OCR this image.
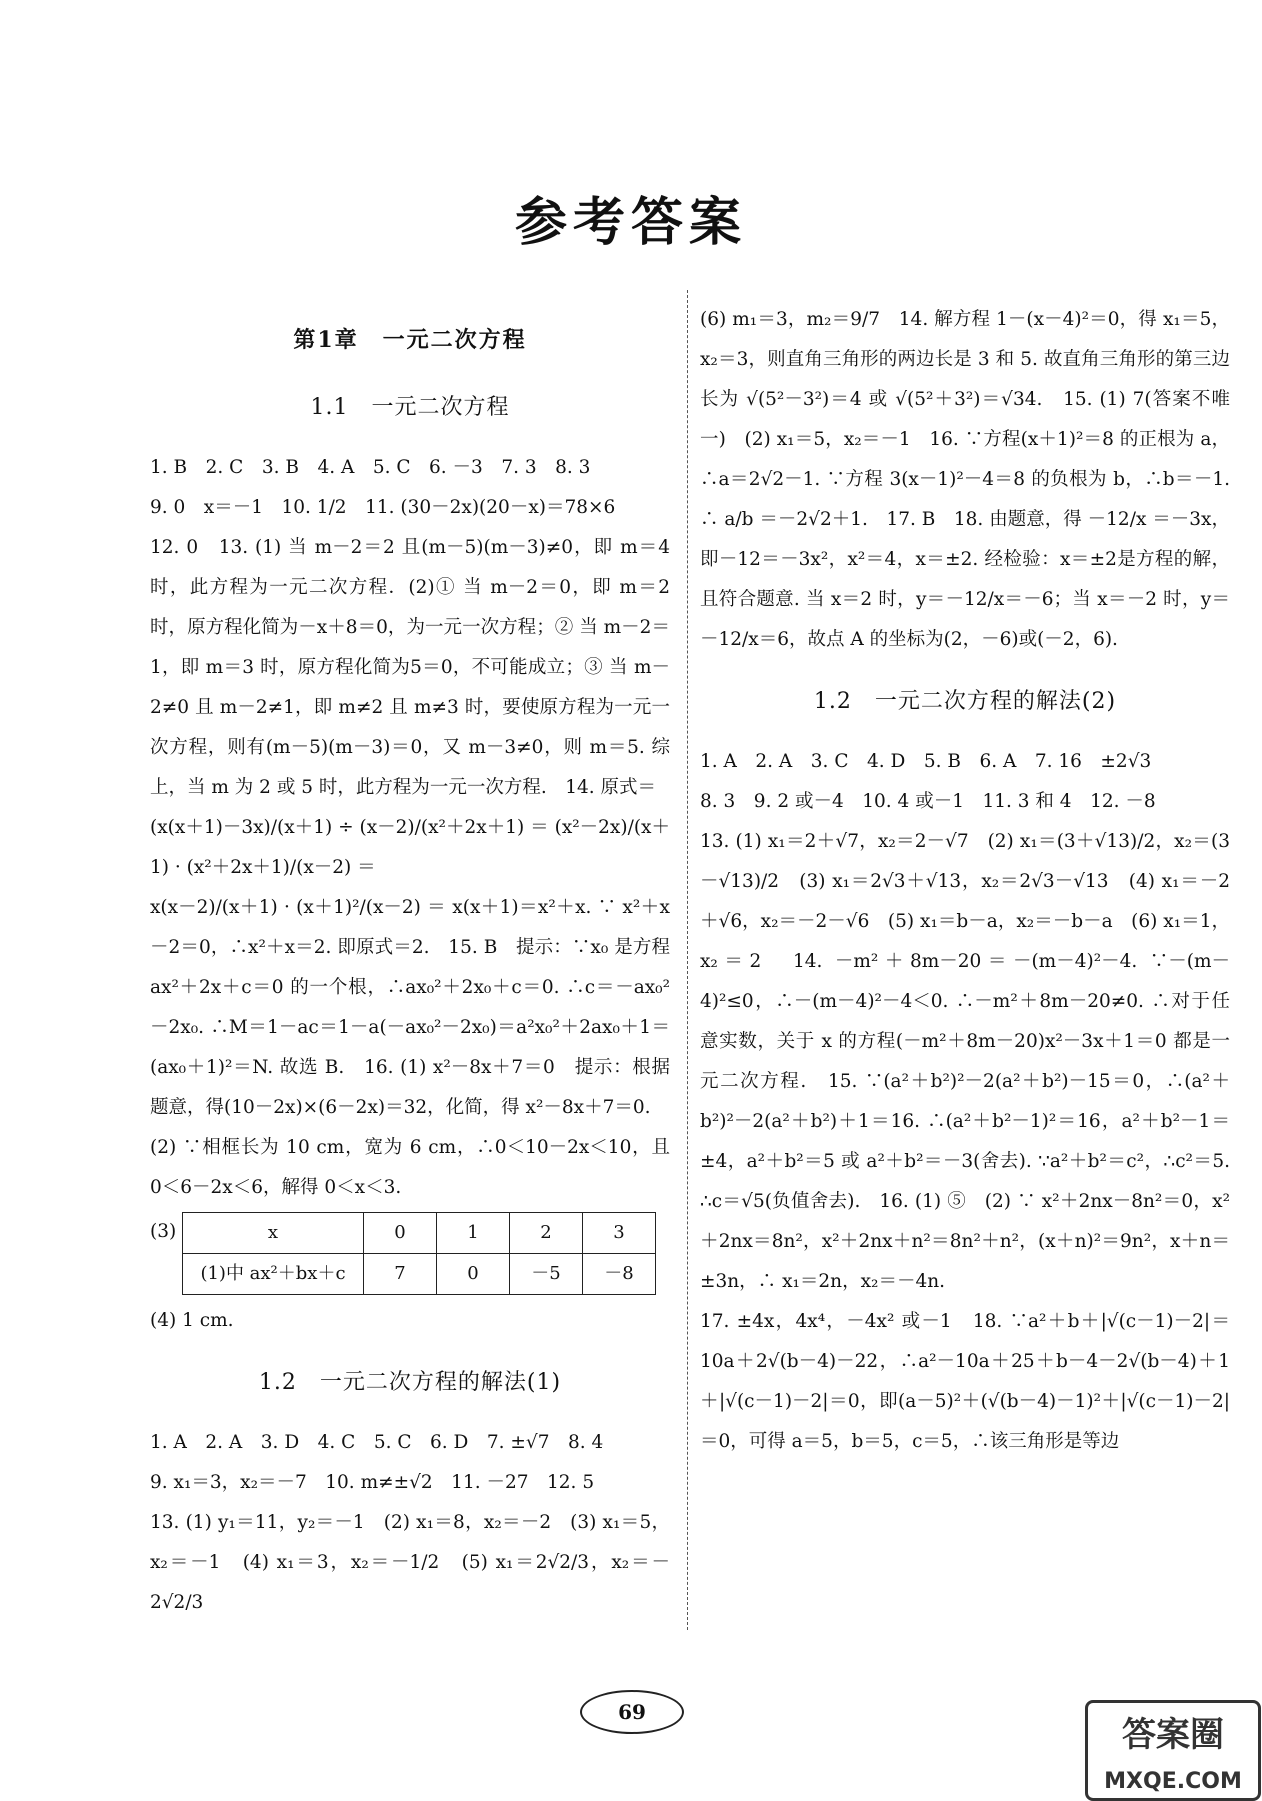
参考答案
第1章　一元二次方程
1.1　一元二次方程

1. B　2. C　3. B　4. A　5. C　6. －3　7. 3　8. 3

9. 0　x＝－1　10. 1/2　11. (30－2x)(20－x)＝78×6

12. 0　13. (1) 当 m－2＝2 且(m－5)(m－3)≠0，即 m＝4 时，此方程为一元二次方程．(2)① 当 m－2＝0，即 m＝2 时，原方程化简为－x＋8＝0，为一元一次方程；② 当 m－2＝1，即 m＝3 时，原方程化简为5＝0，不可能成立；③ 当 m－2≠0 且 m－2≠1，即 m≠2 且 m≠3 时，要使原方程为一元一次方程，则有(m－5)(m－3)＝0，又 m－3≠0，则 m＝5. 综上，当 m 为 2 或 5 时，此方程为一元一次方程.　14. 原式＝

(x(x＋1)－3x)/(x＋1) ÷ (x－2)/(x²＋2x＋1) ＝ (x²－2x)/(x＋1) · (x²＋2x＋1)/(x－2) ＝

x(x－2)/(x＋1) · (x＋1)²/(x－2) ＝ x(x＋1)＝x²＋x. ∵ x²＋x－2＝0，∴x²＋x＝2. 即原式＝2.　15. B　提示：∵x₀ 是方程 ax²＋2x＋c＝0 的一个根，∴ax₀²＋2x₀＋c＝0. ∴c＝－ax₀²－2x₀. ∴M＝1－ac＝1－a(－ax₀²－2x₀)＝a²x₀²＋2ax₀＋1＝(ax₀＋1)²＝N. 故选 B.　16. (1) x²－8x＋7＝0　提示：根据题意，得(10－2x)×(6－2x)＝32，化简，得 x²－8x＋7＝0.

(2) ∵相框长为 10 cm，宽为 6 cm，∴0＜10－2x＜10，且 0＜6－2x＜6，解得 0＜x＜3.

(3)	x	0	1	2	3
(1)中 ax²＋bx＋c	7	0	－5	－8

(4) 1 cm.

1.2　一元二次方程的解法(1)

1. A　2. A　3. D　4. C　5. C　6. D　7. ±√7　8. 4

9. x₁＝3，x₂＝－7　10. m≠±√2　11. －27　12. 5

13. (1) y₁＝11，y₂＝－1　(2) x₁＝8，x₂＝－2　(3) x₁＝5，x₂＝－1　(4) x₁＝3，x₂＝－1/2　(5) x₁＝2√2/3，x₂＝－2√2/3

(6) m₁＝3，m₂＝9/7　14. 解方程 1－(x－4)²＝0，得 x₁＝5，x₂＝3，则直角三角形的两边长是 3 和 5. 故直角三角形的第三边长为 √(5²－3²)＝4 或 √(5²＋3²)＝√34.　15. (1) 7(答案不唯一)　(2) x₁＝5，x₂＝－1　16. ∵方程(x＋1)²＝8 的正根为 a，∴a＝2√2－1. ∵方程 3(x－1)²－4＝8 的负根为 b，∴b＝－1. ∴ a/b ＝－2√2＋1.　17. B　18. 由题意，得 －12/x ＝－3x，即－12＝－3x²，x²＝4，x＝±2. 经检验：x＝±2是方程的解，且符合题意. 当 x＝2 时，y＝－12/x＝－6；当 x＝－2 时，y＝－12/x＝6，故点 A 的坐标为(2，－6)或(－2，6).

1.2　一元二次方程的解法(2)

1. A　2. A　3. C　4. D　5. B　6. A　7. 16　±2√3

8. 3　9. 2 或－4　10. 4 或－1　11. 3 和 4　12. －8

13. (1) x₁＝2＋√7，x₂＝2－√7　(2) x₁＝(3＋√13)/2，x₂＝(3－√13)/2　(3) x₁＝2√3＋√13，x₂＝2√3－√13　(4) x₁＝－2＋√6，x₂＝－2－√6　(5) x₁＝b－a，x₂＝－b－a　(6) x₁＝1，x₂＝2　14. －m²＋8m－20＝－(m－4)²－4. ∵－(m－4)²≤0，∴－(m－4)²－4＜0. ∴－m²＋8m－20≠0. ∴对于任意实数，关于 x 的方程(－m²＋8m－20)x²－3x＋1＝0 都是一元二次方程.　15. ∵(a²＋b²)²－2(a²＋b²)－15＝0，∴(a²＋b²)²－2(a²＋b²)＋1＝16. ∴(a²＋b²－1)²＝16，a²＋b²－1＝±4，a²＋b²＝5 或 a²＋b²＝－3(舍去). ∵a²＋b²＝c²，∴c²＝5. ∴c＝√5(负值舍去).　16. (1) ⑤　(2) ∵ x²＋2nx－8n²＝0，x²＋2nx＝8n²，x²＋2nx＋n²＝8n²＋n²，(x＋n)²＝9n²，x＋n＝±3n，∴ x₁＝2n，x₂＝－4n.

17. ±4x，4x⁴，－4x² 或－1　18. ∵a²＋b＋|√(c－1)－2|＝10a＋2√(b－4)－22，∴a²－10a＋25＋b－4－2√(b－4)＋1＋|√(c－1)－2|＝0，即(a－5)²＋(√(b－4)－1)²＋|√(c－1)－2|＝0，可得 a＝5，b＝5，c＝5，∴该三角形是等边

69
答案圈
MXQE.COM
